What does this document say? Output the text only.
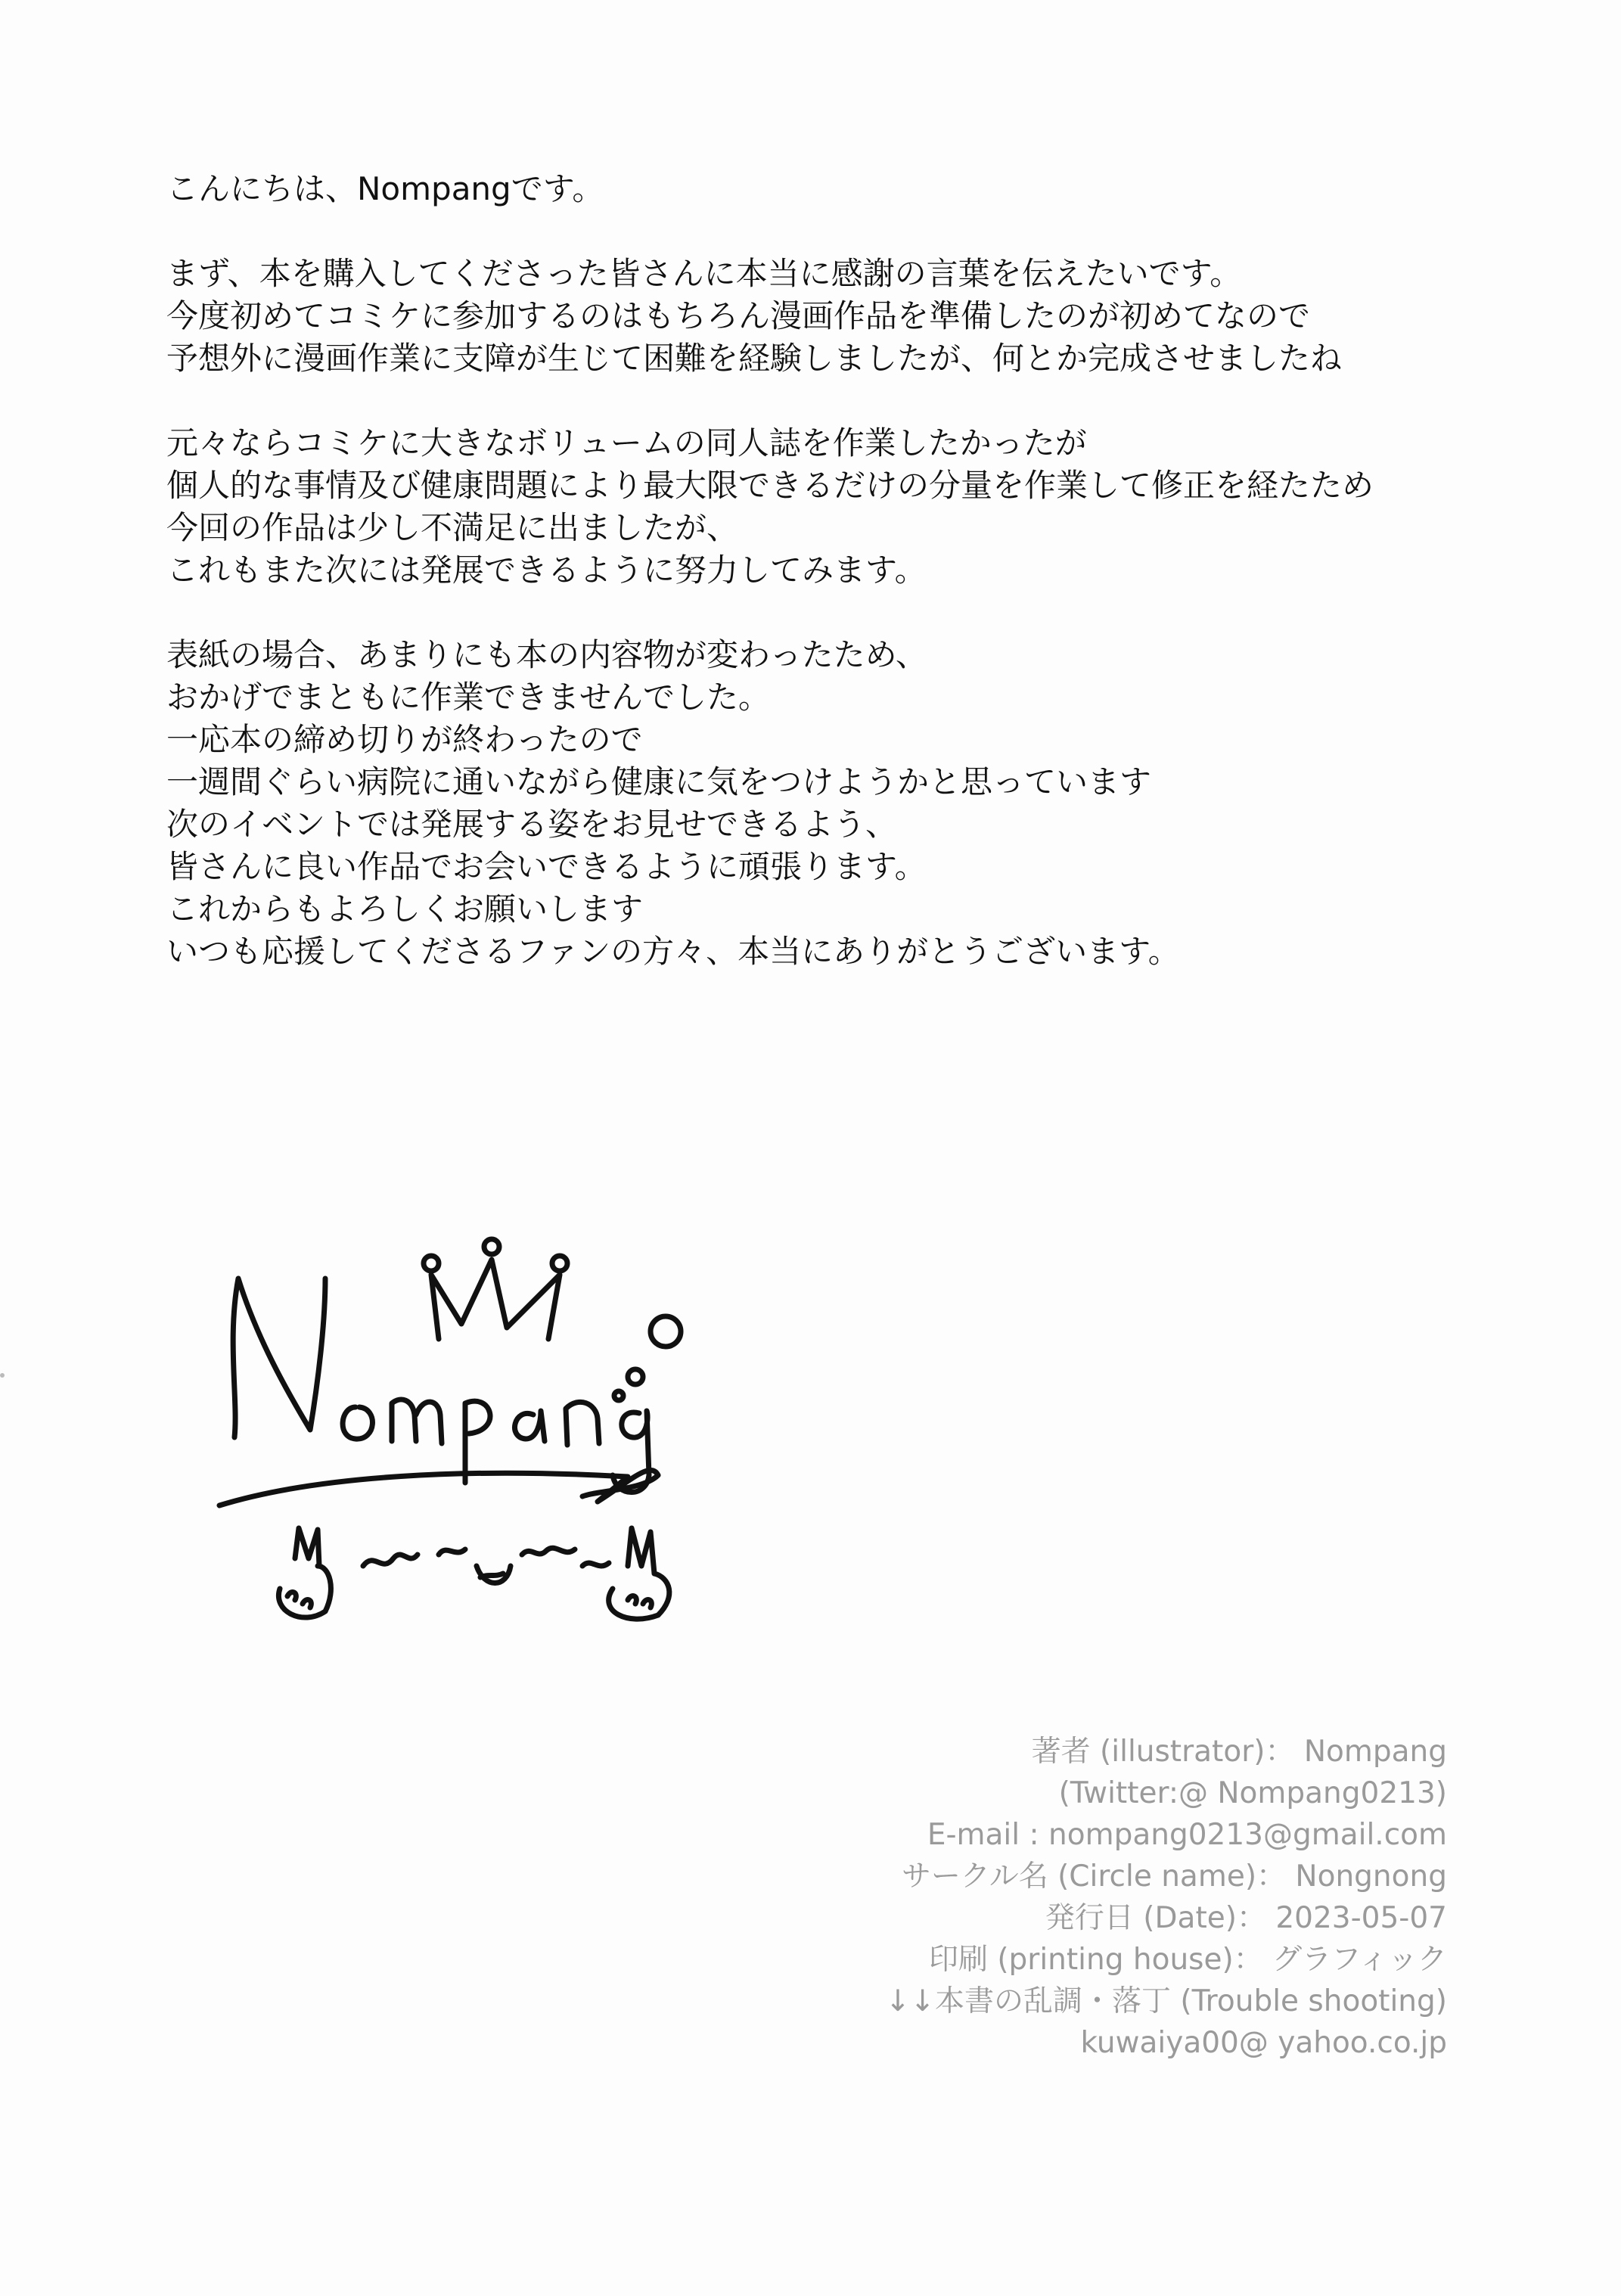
こんにちは、Nompangです。
まず、本を購入してくださった皆さんに本当に感謝の言葉を伝えたいです。
今度初めてコミケに参加するのはもちろん漫画作品を準備したのが初めてなので
予想外に漫画作業に支障が生じて困難を経験しましたが、何とか完成させましたね
元々ならコミケに大きなボリュームの同人誌を作業したかったが
個人的な事情及び健康問題により最大限できるだけの分量を作業して修正を経たため
今回の作品は少し不満足に出ましたが、
これもまた次には発展できるように努力してみます。
表紙の場合、あまりにも本の内容物が変わったため、
おかげでまともに作業できませんでした。
一応本の締め切りが終わったので
一週間ぐらい病院に通いながら健康に気をつけようかと思っています
次のイベントでは発展する姿をお見せできるよう、
皆さんに良い作品でお会いできるように頑張ります。
これからもよろしくお願いします
いつも応援してくださるファンの方々、本当にありがとうございます。
著者 (illustrator)： Nompang
(Twitter:@ Nompang0213)
E-mail : nompang0213@gmail.com
サークル名 (Circle name)： Nongnong
発行日 (Date)： 2023-05-07
印刷 (printing house)： グラフィック
↓↓本書の乱調・落丁 (Trouble shooting)
kuwaiya00@ yahoo.co.jp
